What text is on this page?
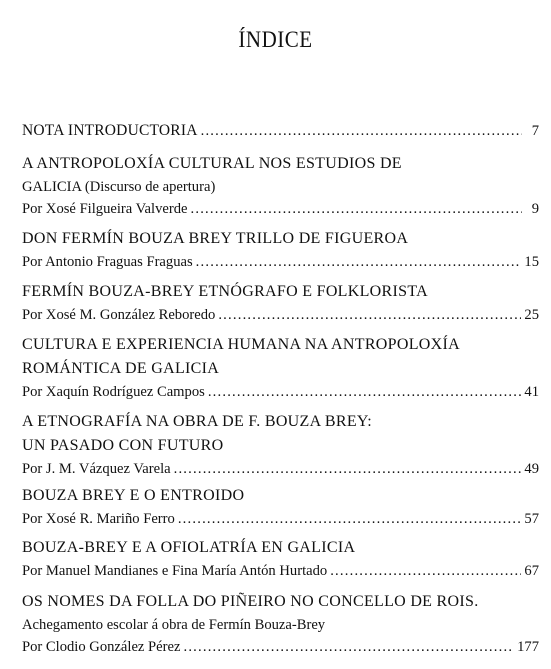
ÍNDICE
NOTA INTRODUCTORIA .....	7
A ANTROPOLOXÍA CULTURAL NOS ESTUDIOS DE
GALICIA (Discurso de apertura)
Por Xosé Filgueira Valverde .....	9
DON FERMÍN BOUZA BREY TRILLO DE FIGUEROA
Por Antonio Fraguas Fraguas .....	15
FERMÍN BOUZA-BREY ETNÓGRAFO E FOLKLORISTA
Por Xosé M. González Reboredo .....	25
CULTURA E EXPERIENCIA HUMANA NA ANTROPOLOXÍA
ROMÁNTICA DE GALICIA
Por Xaquín Rodríguez Campos .....	41
A ETNOGRAFÍA NA OBRA DE F. BOUZA BREY:
UN PASADO CON FUTURO
Por J. M. Vázquez Varela .....	49
BOUZA BREY E O ENTROIDO
Por Xosé R. Mariño Ferro .....	57
BOUZA-BREY E A OFIOLATRÍA EN GALICIA
Por Manuel Mandianes e Fina María Antón Hurtado .....	67
OS NOMES DA FOLLA DO PIÑEIRO NO CONCELLO DE ROIS.
Achegamento escolar á obra de Fermín Bouza-Brey
Por Clodio González Pérez .....	177
